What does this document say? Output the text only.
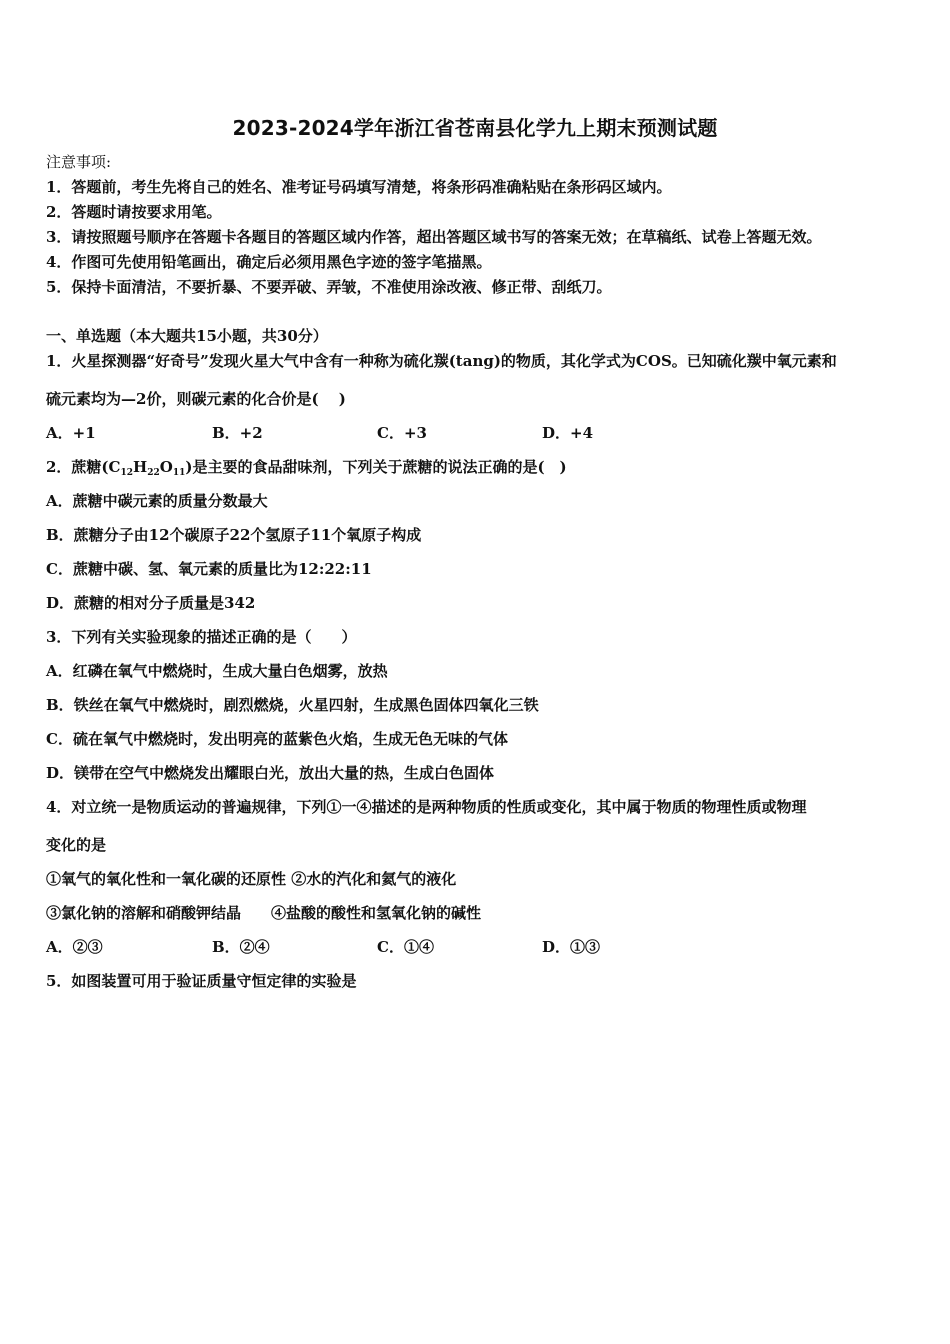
2023-2024学年浙江省苍南县化学九上期末预测试题
注意事项:
1．答题前，考生先将自己的姓名、准考证号码填写清楚，将条形码准确粘贴在条形码区域内。
2．答题时请按要求用笔。
3．请按照题号顺序在答题卡各题目的答题区域内作答，超出答题区域书写的答案无效；在草稿纸、试卷上答题无效。
4．作图可先使用铅笔画出，确定后必须用黑色字迹的签字笔描黑。
5．保持卡面清洁，不要折暴、不要弄破、弄皱，不准使用涂改液、修正带、刮纸刀。
一、单选题（本大题共15小题，共30分）
1．火星探测器“好奇号”发现火星大气中含有一种称为硫化羰(tang)的物质，其化学式为COS。已知硫化羰中氧元素和
硫元素均为—2价，则碳元素的化合价是(　 )
A．+1	B．+2	C．+3	D．+4
2．蔗糖$(C_{12}H_{22}O_{11})$是主要的食品甜味剂，下列关于蔗糖的说法正确的是(　)
A．蔗糖中碳元素的质量分数最大
B．蔗糖分子由12个碳原子22个氢原子11个氧原子构成
C．蔗糖中碳、氢、氧元素的质量比为12:22:11
D．蔗糖的相对分子质量是342
3．下列有关实验现象的描述正确的是（　　）
A．红磷在氧气中燃烧时，生成大量白色烟雾，放热
B．铁丝在氧气中燃烧时，剧烈燃烧，火星四射，生成黑色固体四氧化三铁
C．硫在氧气中燃烧时，发出明亮的蓝紫色火焰，生成无色无味的气体
D．镁带在空气中燃烧发出耀眼白光，放出大量的热，生成白色固体
4．对立统一是物质运动的普遍规律，下列①一④描述的是两种物质的性质或变化，其中属于物质的物理性质或物理
变化的是
①氧气的氧化性和一氧化碳的还原性 ②水的汽化和氦气的液化
③氯化钠的溶解和硝酸钾结晶　　④盐酸的酸性和氢氧化钠的碱性
A．②③	B．②④	C．①④	D．①③
5．如图装置可用于验证质量守恒定律的实验是
